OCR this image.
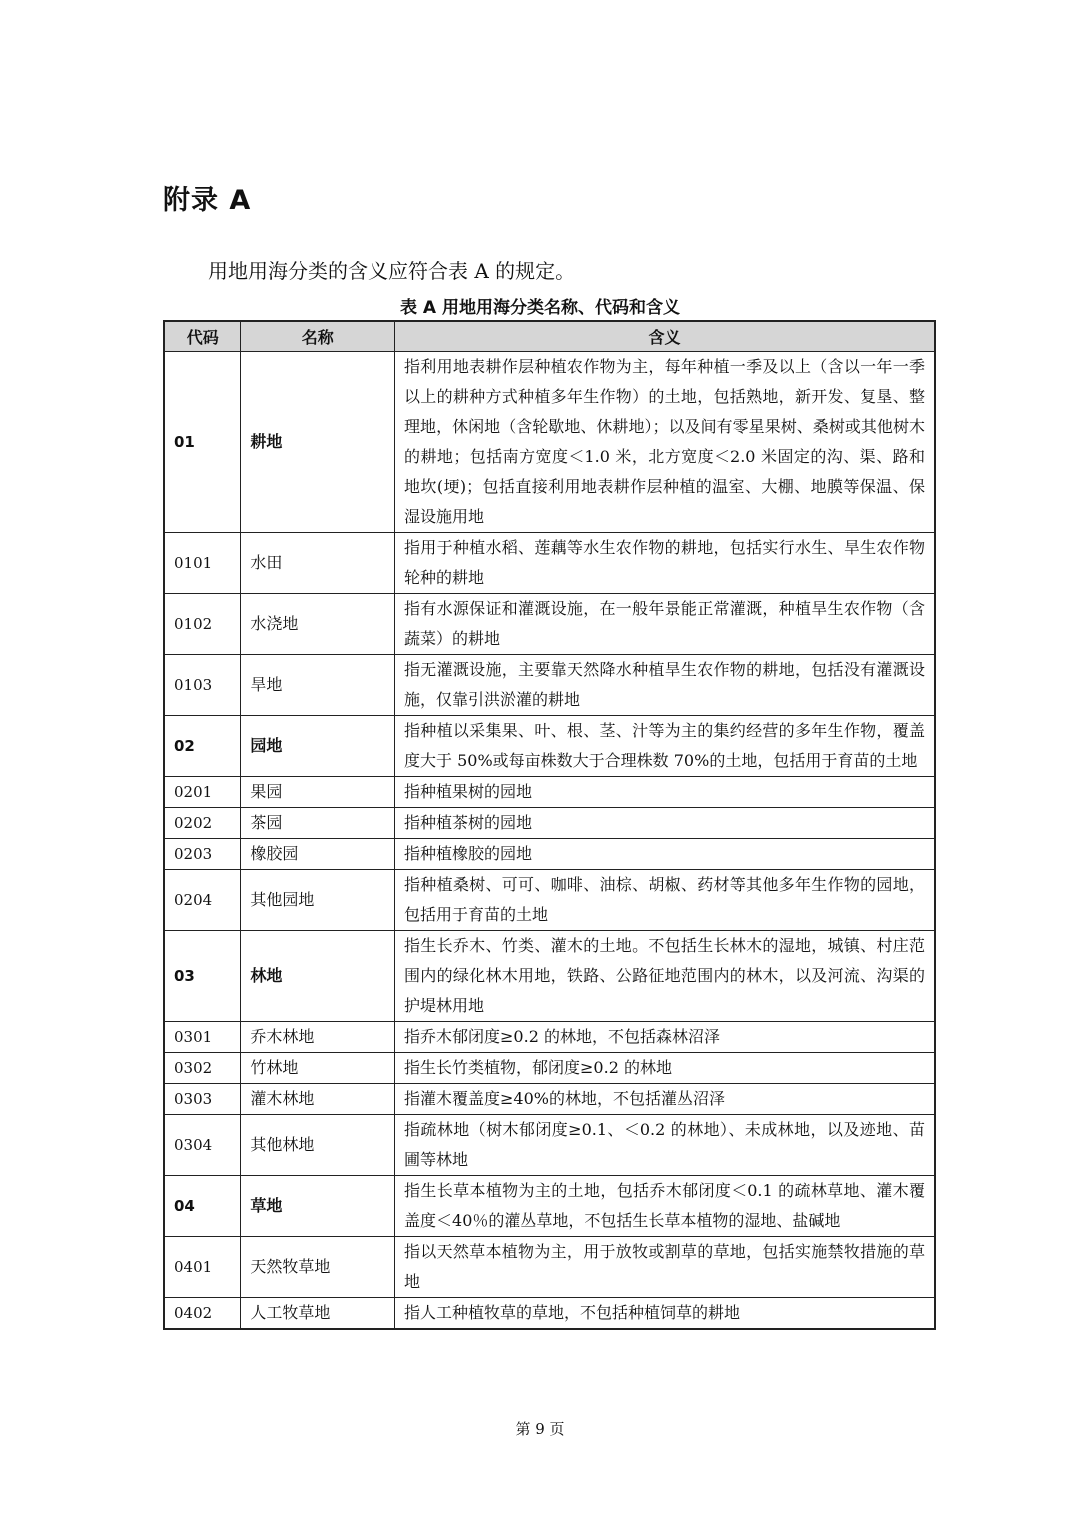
附录 A

用地用海分类的含义应符合表 A 的规定。

表 A 用地用海分类名称、代码和含义

代码	名称	含义
01	耕地	指利用地表耕作层种植农作物为主，每年种植一季及以上（含以一年一季以上的耕种方式种植多年生作物）的土地，包括熟地，新开发、复垦、整理地，休闲地（含轮歇地、休耕地）；以及间有零星果树、桑树或其他树木的耕地；包括南方宽度＜1.0 米，北方宽度＜2.0 米固定的沟、渠、路和地坎(埂)；包括直接利用地表耕作层种植的温室、大棚、地膜等保温、保湿设施用地
0101	水田	指用于种植水稻、莲藕等水生农作物的耕地，包括实行水生、旱生农作物轮种的耕地
0102	水浇地	指有水源保证和灌溉设施，在一般年景能正常灌溉，种植旱生农作物（含蔬菜）的耕地
0103	旱地	指无灌溉设施，主要靠天然降水种植旱生农作物的耕地，包括没有灌溉设施，仅靠引洪淤灌的耕地
02	园地	指种植以采集果、叶、根、茎、汁等为主的集约经营的多年生作物，覆盖度大于 50%或每亩株数大于合理株数 70%的土地，包括用于育苗的土地
0201	果园	指种植果树的园地
0202	茶园	指种植茶树的园地
0203	橡胶园	指种植橡胶的园地
0204	其他园地	指种植桑树、可可、咖啡、油棕、胡椒、药材等其他多年生作物的园地，包括用于育苗的土地
03	林地	指生长乔木、竹类、灌木的土地。不包括生长林木的湿地，城镇、村庄范围内的绿化林木用地，铁路、公路征地范围内的林木，以及河流、沟渠的护堤林用地
0301	乔木林地	指乔木郁闭度≥0.2 的林地，不包括森林沼泽
0302	竹林地	指生长竹类植物，郁闭度≥0.2 的林地
0303	灌木林地	指灌木覆盖度≥40%的林地，不包括灌丛沼泽
0304	其他林地	指疏林地（树木郁闭度≥0.1、＜0.2 的林地）、未成林地，以及迹地、苗圃等林地
04	草地	指生长草本植物为主的土地，包括乔木郁闭度＜0.1 的疏林草地、灌木覆盖度＜40％的灌丛草地，不包括生长草本植物的湿地、盐碱地
0401	天然牧草地	指以天然草本植物为主，用于放牧或割草的草地，包括实施禁牧措施的草地
0402	人工牧草地	指人工种植牧草的草地，不包括种植饲草的耕地

第 9 页
